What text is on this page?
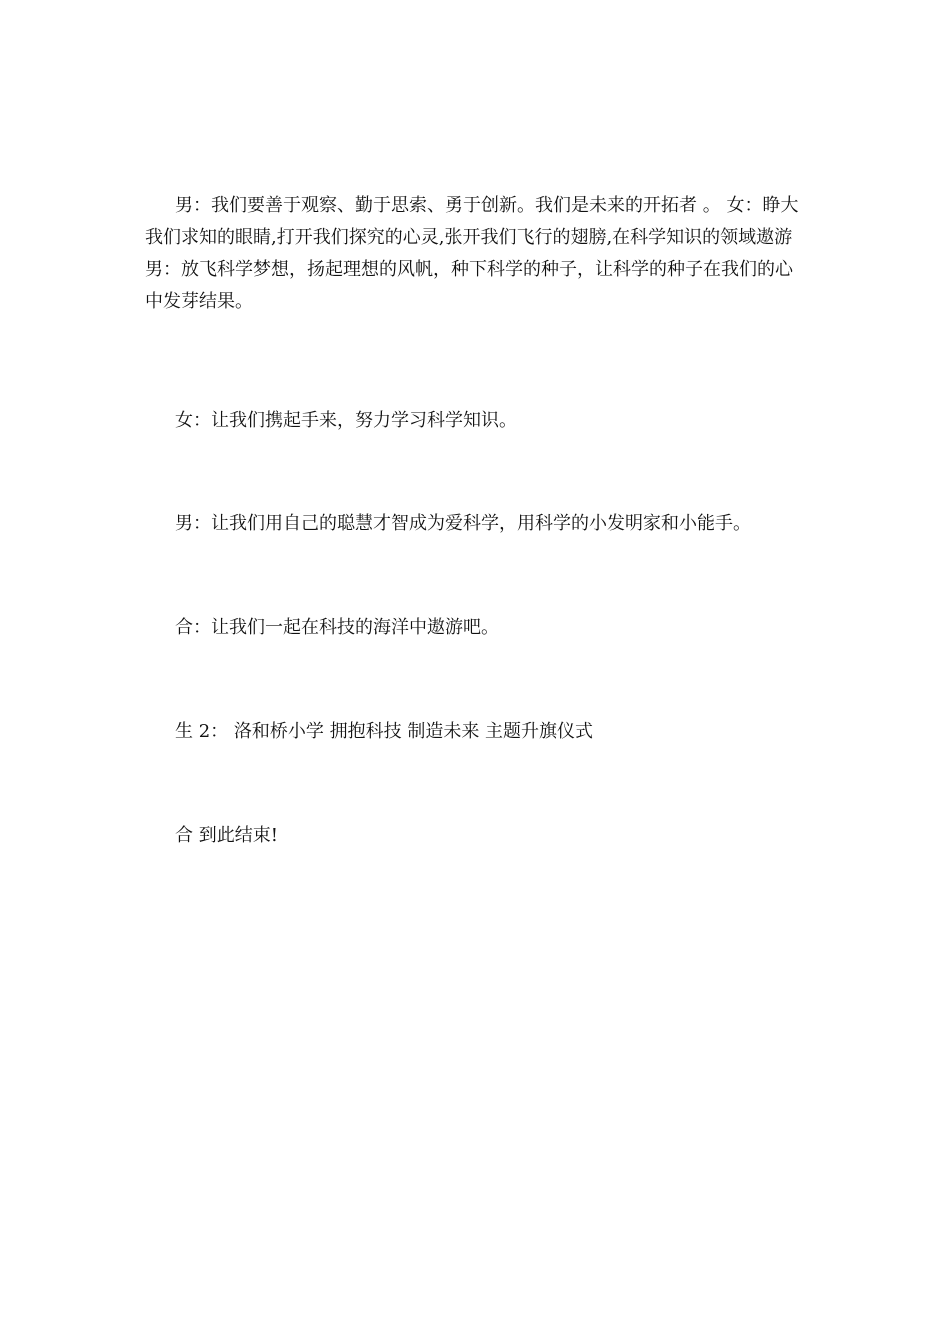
男：我们要善于观察、勤于思索、勇于创新。我们是未来的开拓者 。 女：睁大我们求知的眼睛,打开我们探究的心灵,张开我们飞行的翅膀,在科学知识的领域遨游 男：放飞科学梦想，扬起理想的风帆，种下科学的种子，让科学的种子在我们的心中发芽结果。

女：让我们携起手来，努力学习科学知识。

男：让我们用自己的聪慧才智成为爱科学，用科学的小发明家和小能手。

合：让我们一起在科技的海洋中遨游吧。

生 2： 洛和桥小学 拥抱科技 制造未来 主题升旗仪式

合 到此结束!
